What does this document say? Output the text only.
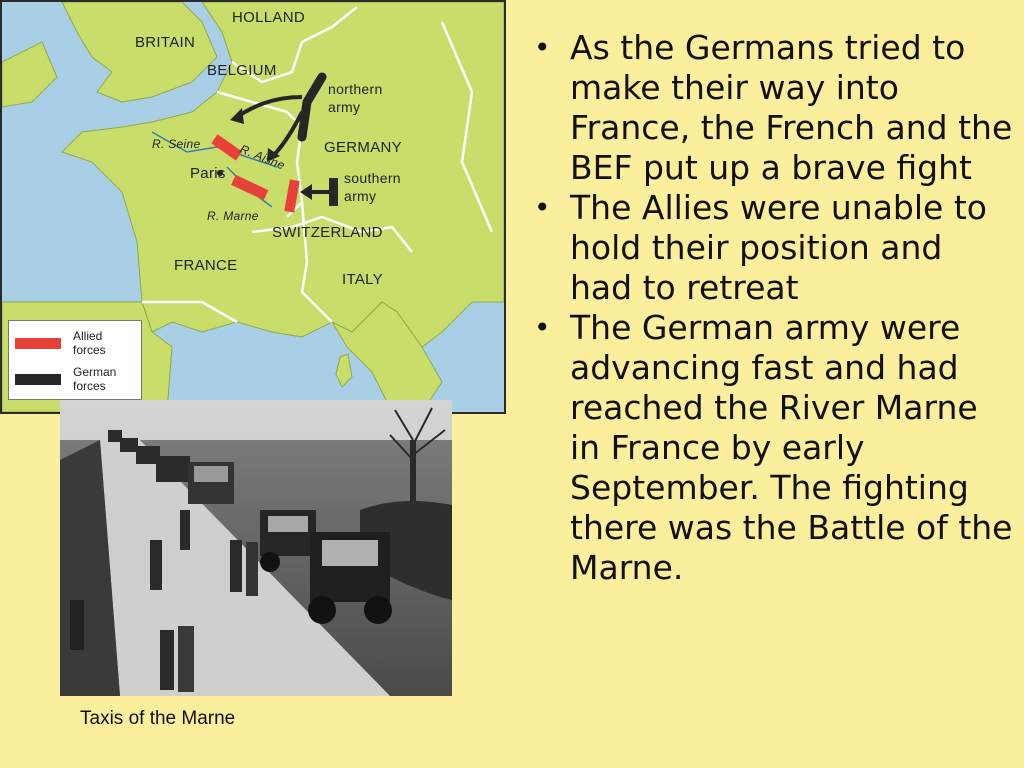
HOLLAND
BRITAIN
BELGIUM
northern army
GERMANY
southern army
R. Seine	R. Aisne
Paris
R. Marne
SWITZERLAND
FRANCE
ITALY
Allied
forces
German
forces
Taxis of the Marne
• As the Germans tried to make their way into France, the French and the BEF put up a brave fight
• The Allies were unable to hold their position and had to retreat
• The German army were advancing fast and had reached the River Marne in France by early September. The fighting there was the Battle of the Marne.
